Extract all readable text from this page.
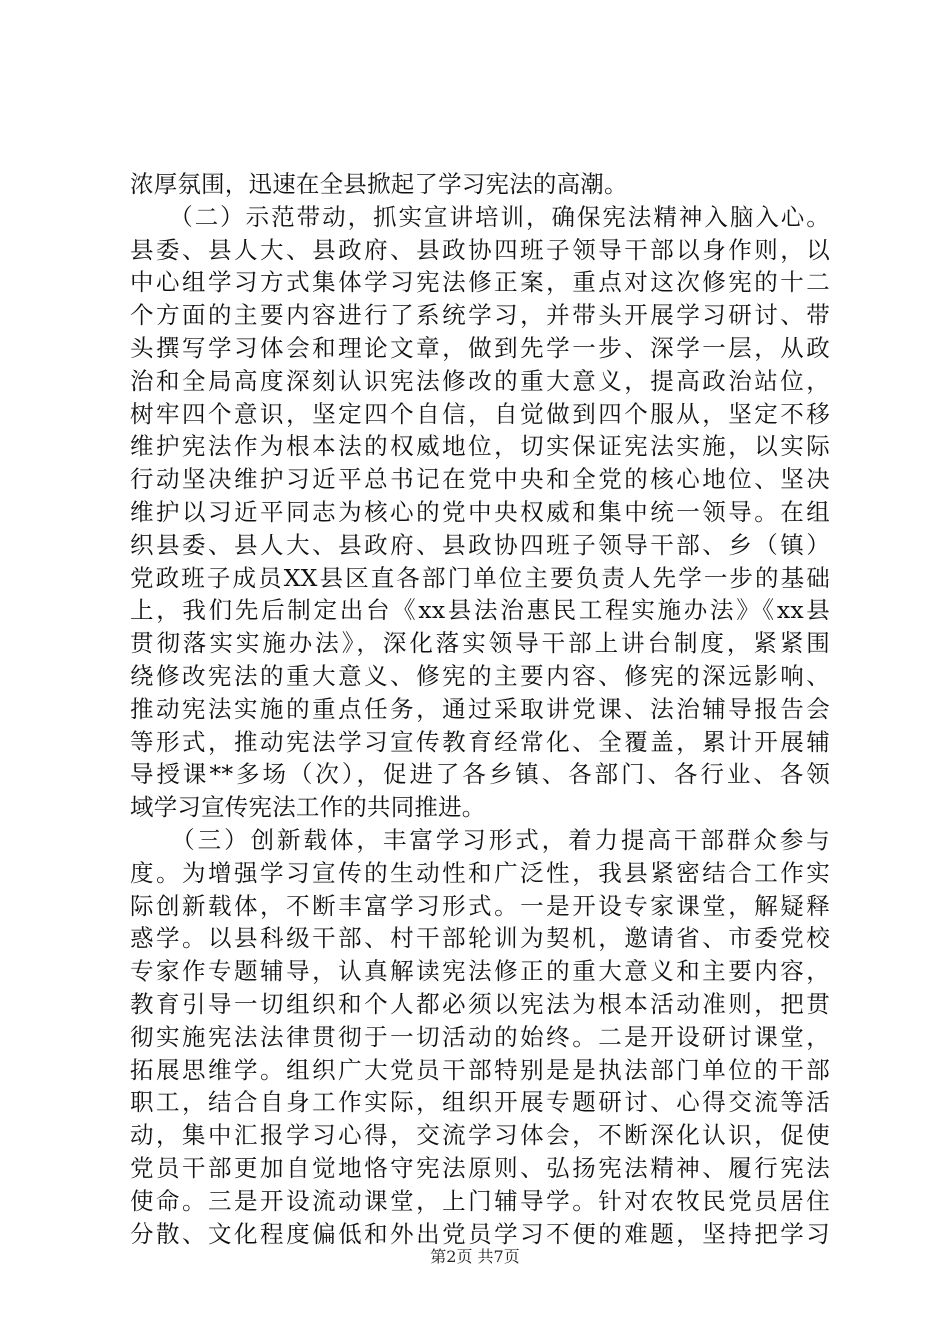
浓厚氛围，迅速在全县掀起了学习宪法的高潮。
　　（二）示范带动，抓实宣讲培训，确保宪法精神入脑入心。
县委、县人大、县政府、县政协四班子领导干部以身作则，以
中心组学习方式集体学习宪法修正案，重点对这次修宪的十二
个方面的主要内容进行了系统学习，并带头开展学习研讨、带
头撰写学习体会和理论文章，做到先学一步、深学一层，从政
治和全局高度深刻认识宪法修改的重大意义，提高政治站位，
树牢四个意识，坚定四个自信，自觉做到四个服从，坚定不移
维护宪法作为根本法的权威地位，切实保证宪法实施，以实际
行动坚决维护习近平总书记在党中央和全党的核心地位、坚决
维护以习近平同志为核心的党中央权威和集中统一领导。在组
织县委、县人大、县政府、县政协四班子领导干部、乡（镇）
党政班子成员XX县区直各部门单位主要负责人先学一步的基础
上，我们先后制定出台《xx县法治惠民工程实施办法》《xx县
贯彻落实实施办法》，深化落实领导干部上讲台制度，紧紧围
绕修改宪法的重大意义、修宪的主要内容、修宪的深远影响、
推动宪法实施的重点任务，通过采取讲党课、法治辅导报告会
等形式，推动宪法学习宣传教育经常化、全覆盖，累计开展辅
导授课**多场（次），促进了各乡镇、各部门、各行业、各领
域学习宣传宪法工作的共同推进。
　　（三）创新载体，丰富学习形式，着力提高干部群众参与
度。为增强学习宣传的生动性和广泛性，我县紧密结合工作实
际创新载体，不断丰富学习形式。一是开设专家课堂，解疑释
惑学。以县科级干部、村干部轮训为契机，邀请省、市委党校
专家作专题辅导，认真解读宪法修正的重大意义和主要内容，
教育引导一切组织和个人都必须以宪法为根本活动准则，把贯
彻实施宪法法律贯彻于一切活动的始终。二是开设研讨课堂，
拓展思维学。组织广大党员干部特别是是执法部门单位的干部
职工，结合自身工作实际，组织开展专题研讨、心得交流等活
动，集中汇报学习心得，交流学习体会，不断深化认识，促使
党员干部更加自觉地恪守宪法原则、弘扬宪法精神、履行宪法
使命。三是开设流动课堂，上门辅导学。针对农牧民党员居住
分散、文化程度偏低和外出党员学习不便的难题，坚持把学习
第2页 共7页
